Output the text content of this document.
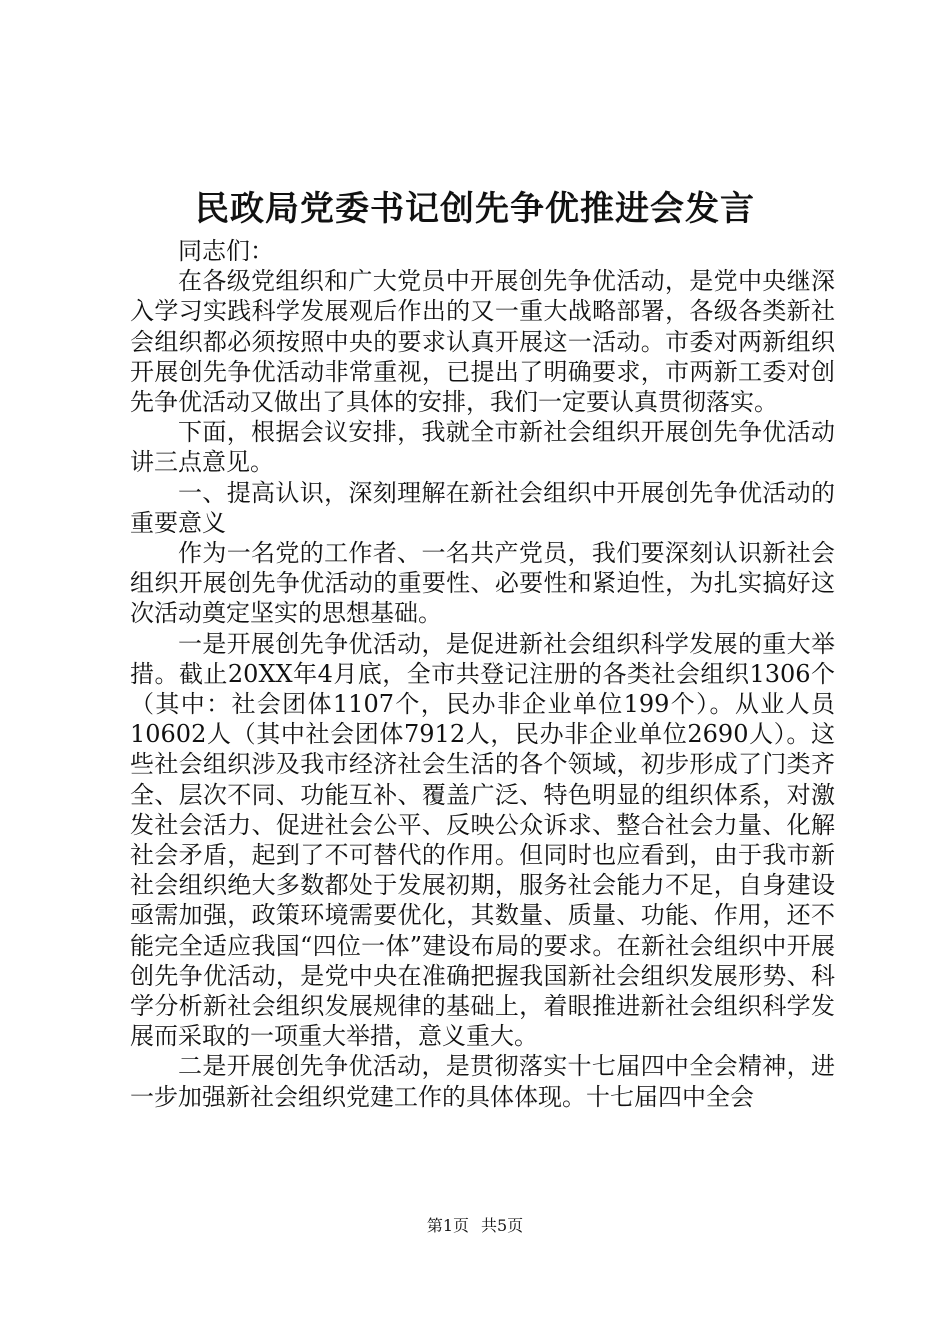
民政局党委书记创先争优推进会发言

同志们：

在各级党组织和广大党员中开展创先争优活动，是党中央继深入学习实践科学发展观后作出的又一重大战略部署，各级各类新社会组织都必须按照中央的要求认真开展这一活动。市委对两新组织开展创先争优活动非常重视，已提出了明确要求，市两新工委对创先争优活动又做出了具体的安排，我们一定要认真贯彻落实。

下面，根据会议安排，我就全市新社会组织开展创先争优活动讲三点意见。

一、提高认识，深刻理解在新社会组织中开展创先争优活动的重要意义

作为一名党的工作者、一名共产党员，我们要深刻认识新社会组织开展创先争优活动的重要性、必要性和紧迫性，为扎实搞好这次活动奠定坚实的思想基础。

一是开展创先争优活动，是促进新社会组织科学发展的重大举措。截止20XX年4月底，全市共登记注册的各类社会组织1306个（其中：社会团体1107个，民办非企业单位199个）。从业人员10602人（其中社会团体7912人，民办非企业单位2690人）。这些社会组织涉及我市经济社会生活的各个领域，初步形成了门类齐全、层次不同、功能互补、覆盖广泛、特色明显的组织体系，对激发社会活力、促进社会公平、反映公众诉求、整合社会力量、化解社会矛盾，起到了不可替代的作用。但同时也应看到，由于我市新社会组织绝大多数都处于发展初期，服务社会能力不足，自身建设亟需加强，政策环境需要优化，其数量、质量、功能、作用，还不能完全适应我国“四位一体”建设布局的要求。在新社会组织中开展创先争优活动，是党中央在准确把握我国新社会组织发展形势、科学分析新社会组织发展规律的基础上，着眼推进新社会组织科学发展而采取的一项重大举措，意义重大。

二是开展创先争优活动，是贯彻落实十七届四中全会精神，进一步加强新社会组织党建工作的具体体现。十七届四中全会

第1页 共5页
